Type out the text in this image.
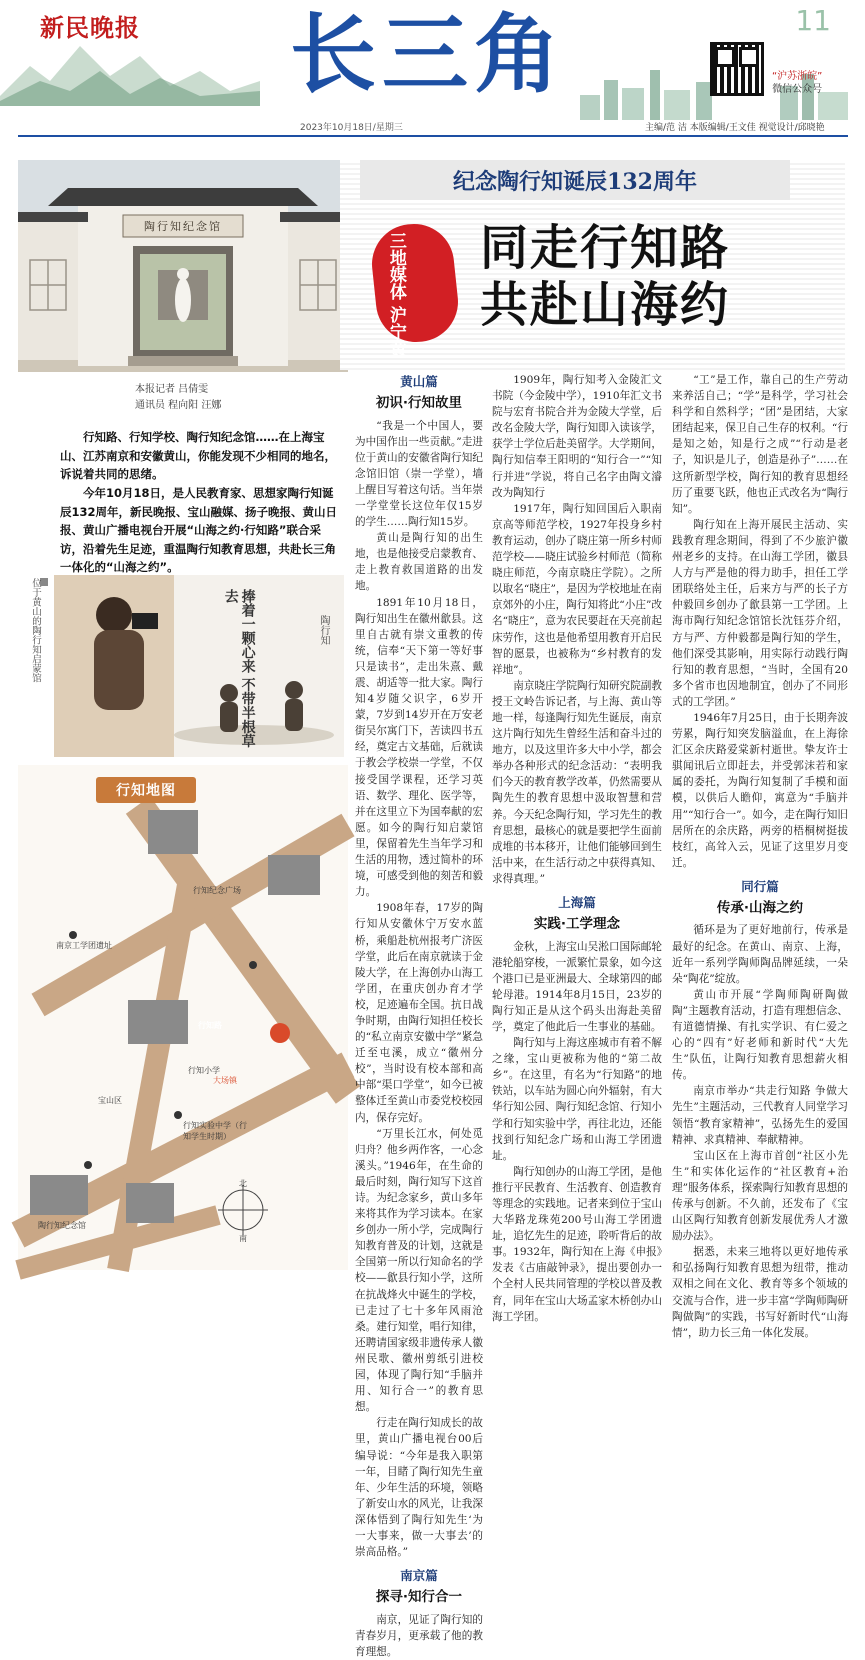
新民晚报 长三角	11
“沪苏浙皖”
微信公众号
2023年10月18日/星期三	主编/范 洁 本版编辑/王文佳 视觉设计/邱晓艳
陶行知纪念馆
纪念陶行知诞辰132周年
三地媒体 沪宁黄 同走行知路
共赴山海约
本报记者 吕倩雯
通讯员 程向阳 汪娜

行知路、行知学校、陶行知纪念馆……在上海宝山、江苏南京和安徽黄山，你能发现不少相同的地名，诉说着共同的思绪。

今年10月18日，是人民教育家、思想家陶行知诞辰132周年，新民晚报、宝山融媒、扬子晚报、黄山日报、黄山广播电视台开展“山海之约·行知路”联合采访，沿着先生足迹，重温陶行知教育思想，共赴长三角一体化的“山海之约”。

位于黄山的陶行知启蒙馆	捧着一颗心来 不带半根草去
陶行知
南京工学团遗址
行知纪念广场
行知路
行知实验中学（行知学生时期）
行知小学
陶行知纪念馆
大场镇
宝山区
北
南
行知地图
黄山篇
初识·行知故里

“我是一个中国人，要为中国作出一些贡献。”走进位于黄山的安徽省陶行知纪念馆旧馆（崇一学堂），墙上醒目写着这句话。当年崇一学堂堂长这位年仅15岁的学生……陶行知15岁。

黄山是陶行知的出生地，也是他接受启蒙教育、走上教育救国道路的出发地。

1891年10月18日，陶行知出生在徽州歙县。这里自古就有崇文重教的传统，信奉“天下第一等好事只是读书”，走出朱熹、戴震、胡适等一批大家。陶行知4岁随父识字，6岁开蒙，7岁到14岁开在万安老街吴尔寓门下，苦读四书五经，奠定古文基础，后就读于教会学校崇一学堂，不仅接受国学课程，还学习英语、数学、理化、医学等，并在这里立下为国奉献的宏愿。如今的陶行知启蒙馆里，保留着先生当年学习和生活的用物，透过简朴的环境，可感受到他的刻苦和毅力。

1908年春，17岁的陶行知从安徽休宁万安水蓝桥，乘船赴杭州报考广济医学堂，此后在南京就读于金陵大学，在上海创办山海工学团，在重庆创办育才学校，足迹遍布全国。抗日战争时期，由陶行知担任校长的“私立南京安徽中学”紧急迁至屯溪，成立“徽州分校”，当时设有校本部和高中部“渠口学堂”，如今已被整体迁至黄山市委党校校园内，保存完好。

“万里长江水，何处觅归舟？他乡两作客，一心念溪头。”1946年，在生命的最后时刻，陶行知写下这首诗。为纪念家乡，黄山多年来将其作为学习读本。在家乡创办一所小学，完成陶行知教育普及的计划，这就是全国第一所以行知命名的学校——歙县行知小学，这所在抗战烽火中诞生的学校，已走过了七十多年风雨沧桑。建行知堂，唱行知律，还聘请国家级非遗传承人徽州民歌、徽州剪纸引进校园，体现了陶行知“手脑并用、知行合一”的教育思想。

行走在陶行知成长的故里，黄山广播电视台00后编导说：“今年是我入职第一年，目睹了陶行知先生童年、少年生活的环境，领略了新安山水的风光，让我深深体悟到了陶行知先生‘为一大事来，做一大事去’的崇高品格。”

南京篇
探寻·知行合一

南京，见证了陶行知的青春岁月，更承载了他的教育理想。

1909年，陶行知考入金陵汇文书院（今金陵中学），1910年汇文书院与宏育书院合并为金陵大学堂，后改名金陵大学，陶行知即入读该学，获学士学位后赴美留学。大学期间，陶行知信奉王阳明的“知行合一”“知行并进”学说，将自己名字由陶文濬改为陶知行

1917年，陶行知回国后入职南京高等师范学校，1927年投身乡村教育运动，创办了晓庄第一所乡村师范学校——晓庄试验乡村师范（简称晓庄师范，今南京晓庄学院）。之所以取名“晓庄”，是因为学校地址在南京郊外的小庄，陶行知将此“小庄”改名“晓庄”，意为农民要赶在天亮前起床劳作，这也是他希望用教育开启民智的愿景，也被称为“乡村教育的发祥地”。

南京晓庄学院陶行知研究院副教授王文岭告诉记者，与上海、黄山等地一样，每逢陶行知先生诞辰，南京这片陶行知先生曾经生活和奋斗过的地方，以及这里许多大中小学，都会举办各种形式的纪念活动：“表明我们今天的教育教学改革，仍然需要从陶先生的教育思想中汲取智慧和营养。今天纪念陶行知，学习先生的教育思想，最核心的就是要把学生面前成堆的书本移开，让他们能够回到生活中来，在生活行动之中获得真知、求得真理。”

上海篇
实践·工学理念

金秋，上海宝山吴淞口国际邮轮港轮船穿梭，一派繁忙景象，如今这个港口已是亚洲最大、全球第四的邮轮母港。1914年8月15日，23岁的陶行知正是从这个码头出海赴美留学，奠定了他此后一生事业的基础。

陶行知与上海这座城市有着不解之缘，宝山更被称为他的“第二故乡”。在这里，有名为“行知路”的地铁站，以车站为圆心向外辐射，有大华行知公园、陶行知纪念馆、行知小学和行知实验中学，再往北边，还能找到行知纪念广场和山海工学团遗址。

陶行知创办的山海工学团，是他推行平民教育、生活教育、创造教育等理念的实践地。记者来到位于宝山大华路龙珠苑200号山海工学团遗址，追忆先生的足迹，聆听背后的故事。1932年，陶行知在上海《申报》发表《古庙敲钟录》，提出要创办一个全村人民共同管理的学校以普及教育，同年在宝山大场孟家木桥创办山海工学团。

“工”是工作，靠自己的生产劳动来养活自己；“学”是科学，学习社会科学和自然科学；“团”是团结，大家团结起来，保卫自己生存的权利。“行是知之始，知是行之成”“行动是老子，知识是儿子，创造是孙子”……在这所新型学校，陶行知的教育思想经历了重要飞跃，他也正式改名为“陶行知”。

陶行知在上海开展民主活动、实践教育理念期间，得到了不少旅沪徽州老乡的支持。在山海工学团，徽县人方与严是他的得力助手，担任工学团联络处主任，后来方与严的长子方仲毅回乡创办了歙县第一工学团。上海市陶行知纪念馆馆长沈钰芬介绍，方与严、方仲毅都是陶行知的学生，他们深受其影响，用实际行动践行陶行知的教育思想，“当时，全国有20多个省市也因地制宜，创办了不同形式的工学团。”

1946年7月25日，由于长期奔波劳累，陶行知突发脑溢血，在上海徐汇区余庆路爱棠新村逝世。挚友许士骐闻讯后立即赶去，并受郭沫若和家属的委托，为陶行知复制了手模和面模，以供后人瞻仰，寓意为“手脑并用”“知行合一”。如今，走在陶行知旧居所在的余庆路，两旁的梧桐树挺拔枝红，高耸入云，见证了这里岁月变迁。

同行篇
传承·山海之约

循环是为了更好地前行，传承是最好的纪念。在黄山、南京、上海，近年一系列学陶师陶品牌延续，一朵朵“陶花”绽放。

黄山市开展“学陶师陶研陶做陶”主题教育活动，打造有理想信念、有道德情操、有扎实学识、有仁爱之心的“四有”好老师和新时代“大先生”队伍，让陶行知教育思想薪火相传。

南京市举办“共走行知路 争做大先生”主题活动，三代教育人同堂学习领悟“教育家精神”，弘扬先生的爱国精神、求真精神、奉献精神。

宝山区在上海市首创“社区小先生”和实体化运作的“社区教育+治理”服务体系，探索陶行知教育思想的传承与创新。不久前，还发布了《宝山区陶行知教育创新发展优秀人才激励办法》。

据悉，未来三地将以更好地传承和弘扬陶行知教育思想为纽带，推动双相之间在文化、教育等多个领域的交流与合作，进一步丰富“学陶师陶研陶做陶”的实践，书写好新时代“山海情”，助力长三角一体化发展。
